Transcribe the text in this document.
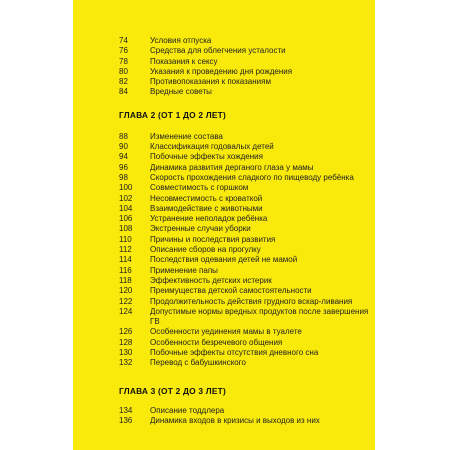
74	Условия отпуска
76	Средства для облегчения усталости
78	Показания к сексу
80	Указания к проведению дня рождения
82	Противопоказания к показаниям
84	Вредные советы
ГЛАВА 2 (ОТ 1 ДО 2 ЛЕТ)
88	Изменение состава
90	Классификация годовалых детей
94	Побочные эффекты хождения
96	Динамика развития дерганого глаза у мамы
98	Скорость прохождения сладкого по пищеводу ребёнка
100	Совместимость с горшком
102	Несовместимость с кроваткой
104	Взаимодействие с животными
106	Устранение неполадок ребёнка
108	Экстренные случаи уборки
110	Причины и последствия развития
112	Описание сборов на прогулку
114	Последствия одевания детей не мамой
116	Применение папы
118	Эффективность детских истерик
120	Преимущества детской самостоятельности
122	Продолжительность действия грудного вскар-ливания
124	Допустимые нормы вредных продуктов после завершения ГВ
126	Особенности уединения мамы в туалете
128	Особенности безречевого общения
130	Побочные эффекты отсутствия дневного сна
132	Перевод с бабушкинского
ГЛАВА 3 (ОТ 2 ДО 3 ЛЕТ)
134	Описание тоддлера
136	Динамика входов в кризисы и выходов из них
